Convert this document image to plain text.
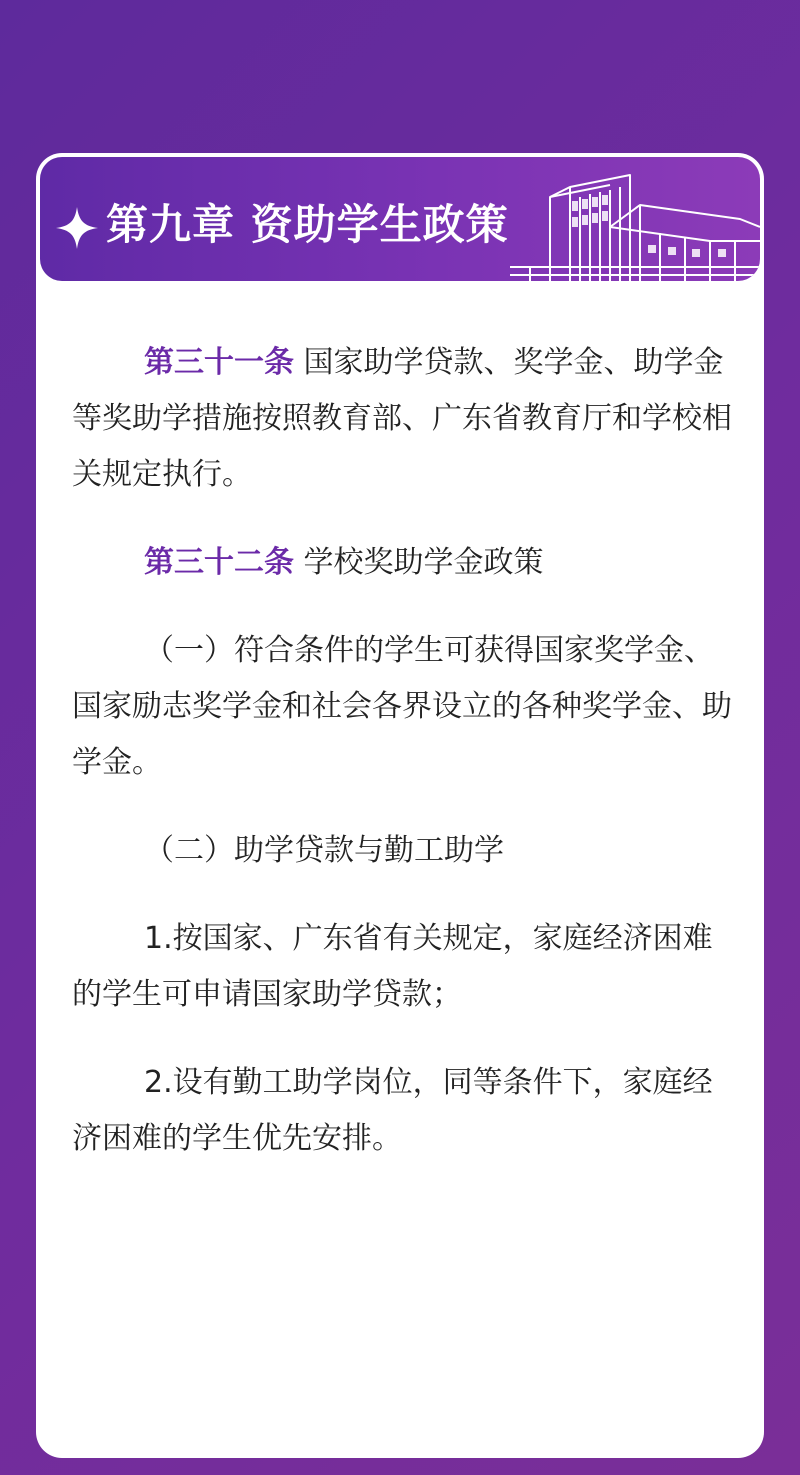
第九章 资助学生政策

第三十一条 国家助学贷款、奖学金、助学金等奖助学措施按照教育部、广东省教育厅和学校相关规定执行。

第三十二条 学校奖助学金政策

（一）符合条件的学生可获得国家奖学金、国家励志奖学金和社会各界设立的各种奖学金、助学金。

（二）助学贷款与勤工助学

1.按国家、广东省有关规定，家庭经济困难的学生可申请国家助学贷款；

2.设有勤工助学岗位，同等条件下，家庭经济困难的学生优先安排。
